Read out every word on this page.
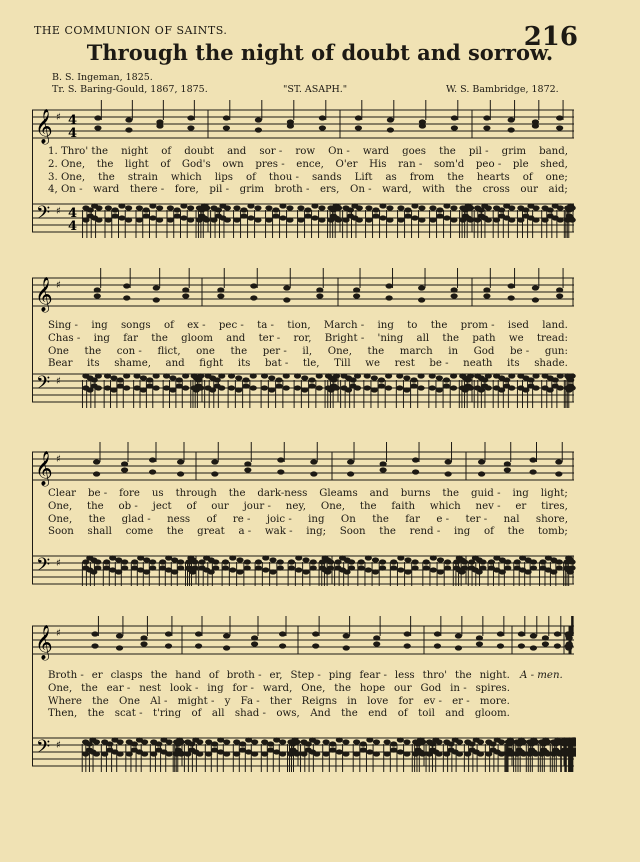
THE COMMUNION OF SAINTS.	216
Through the night of doubt and sorrow.
B. S. Ingeman, 1825.
Tr. S. Baring-Gould, 1867, 1875.	"ST. ASAPH."	W. S. Bambridge, 1872.
𝄞
𝄢
♯
♯
4
4
4
4
1. Thro' the night of doubt and sor - row On - ward goes the pil - grim band,
2. One, the light of God's own pres - ence, O'er His ran - som'd peo - ple shed,
3. One, the strain which lips of thou - sands Lift as from the hearts of one;
4, On - ward there - fore, pil - grim broth - ers, On - ward, with the cross our aid;
𝄞
𝄢
♯
♯
Sing - ing songs of ex - pec - ta - tion, March - ing to the prom - ised land.
Chas - ing far the gloom and ter - ror, Bright - 'ning all the path we tread:
One the con - flict, one the per - il, One, the march in God be - gun:
Bear its shame, and fight its bat - tle, Till we rest be - neath its shade.
𝄞
𝄢
♯
♯
Clear be - fore us through the dark-ness Gleams and burns the guid - ing light;
One, the ob - ject of our jour - ney, One, the faith which nev - er tires,
One, the glad - ness of re - joic - ing On the far e - ter - nal shore,
Soon shall come the great a - wak - ing; Soon the rend - ing of the tomb;
𝄞
𝄢
♯
♯
Broth - er clasps the hand of broth - er, Step - ping fear - less thro' the night.
One, the ear - nest look - ing for - ward, One, the hope our God in - spires.
Where the One Al - might - y Fa - ther Reigns in love for ev - er - more.
Then, the scat - t'ring of all shad - ows, And the end of toil and gloom.
A - men.
